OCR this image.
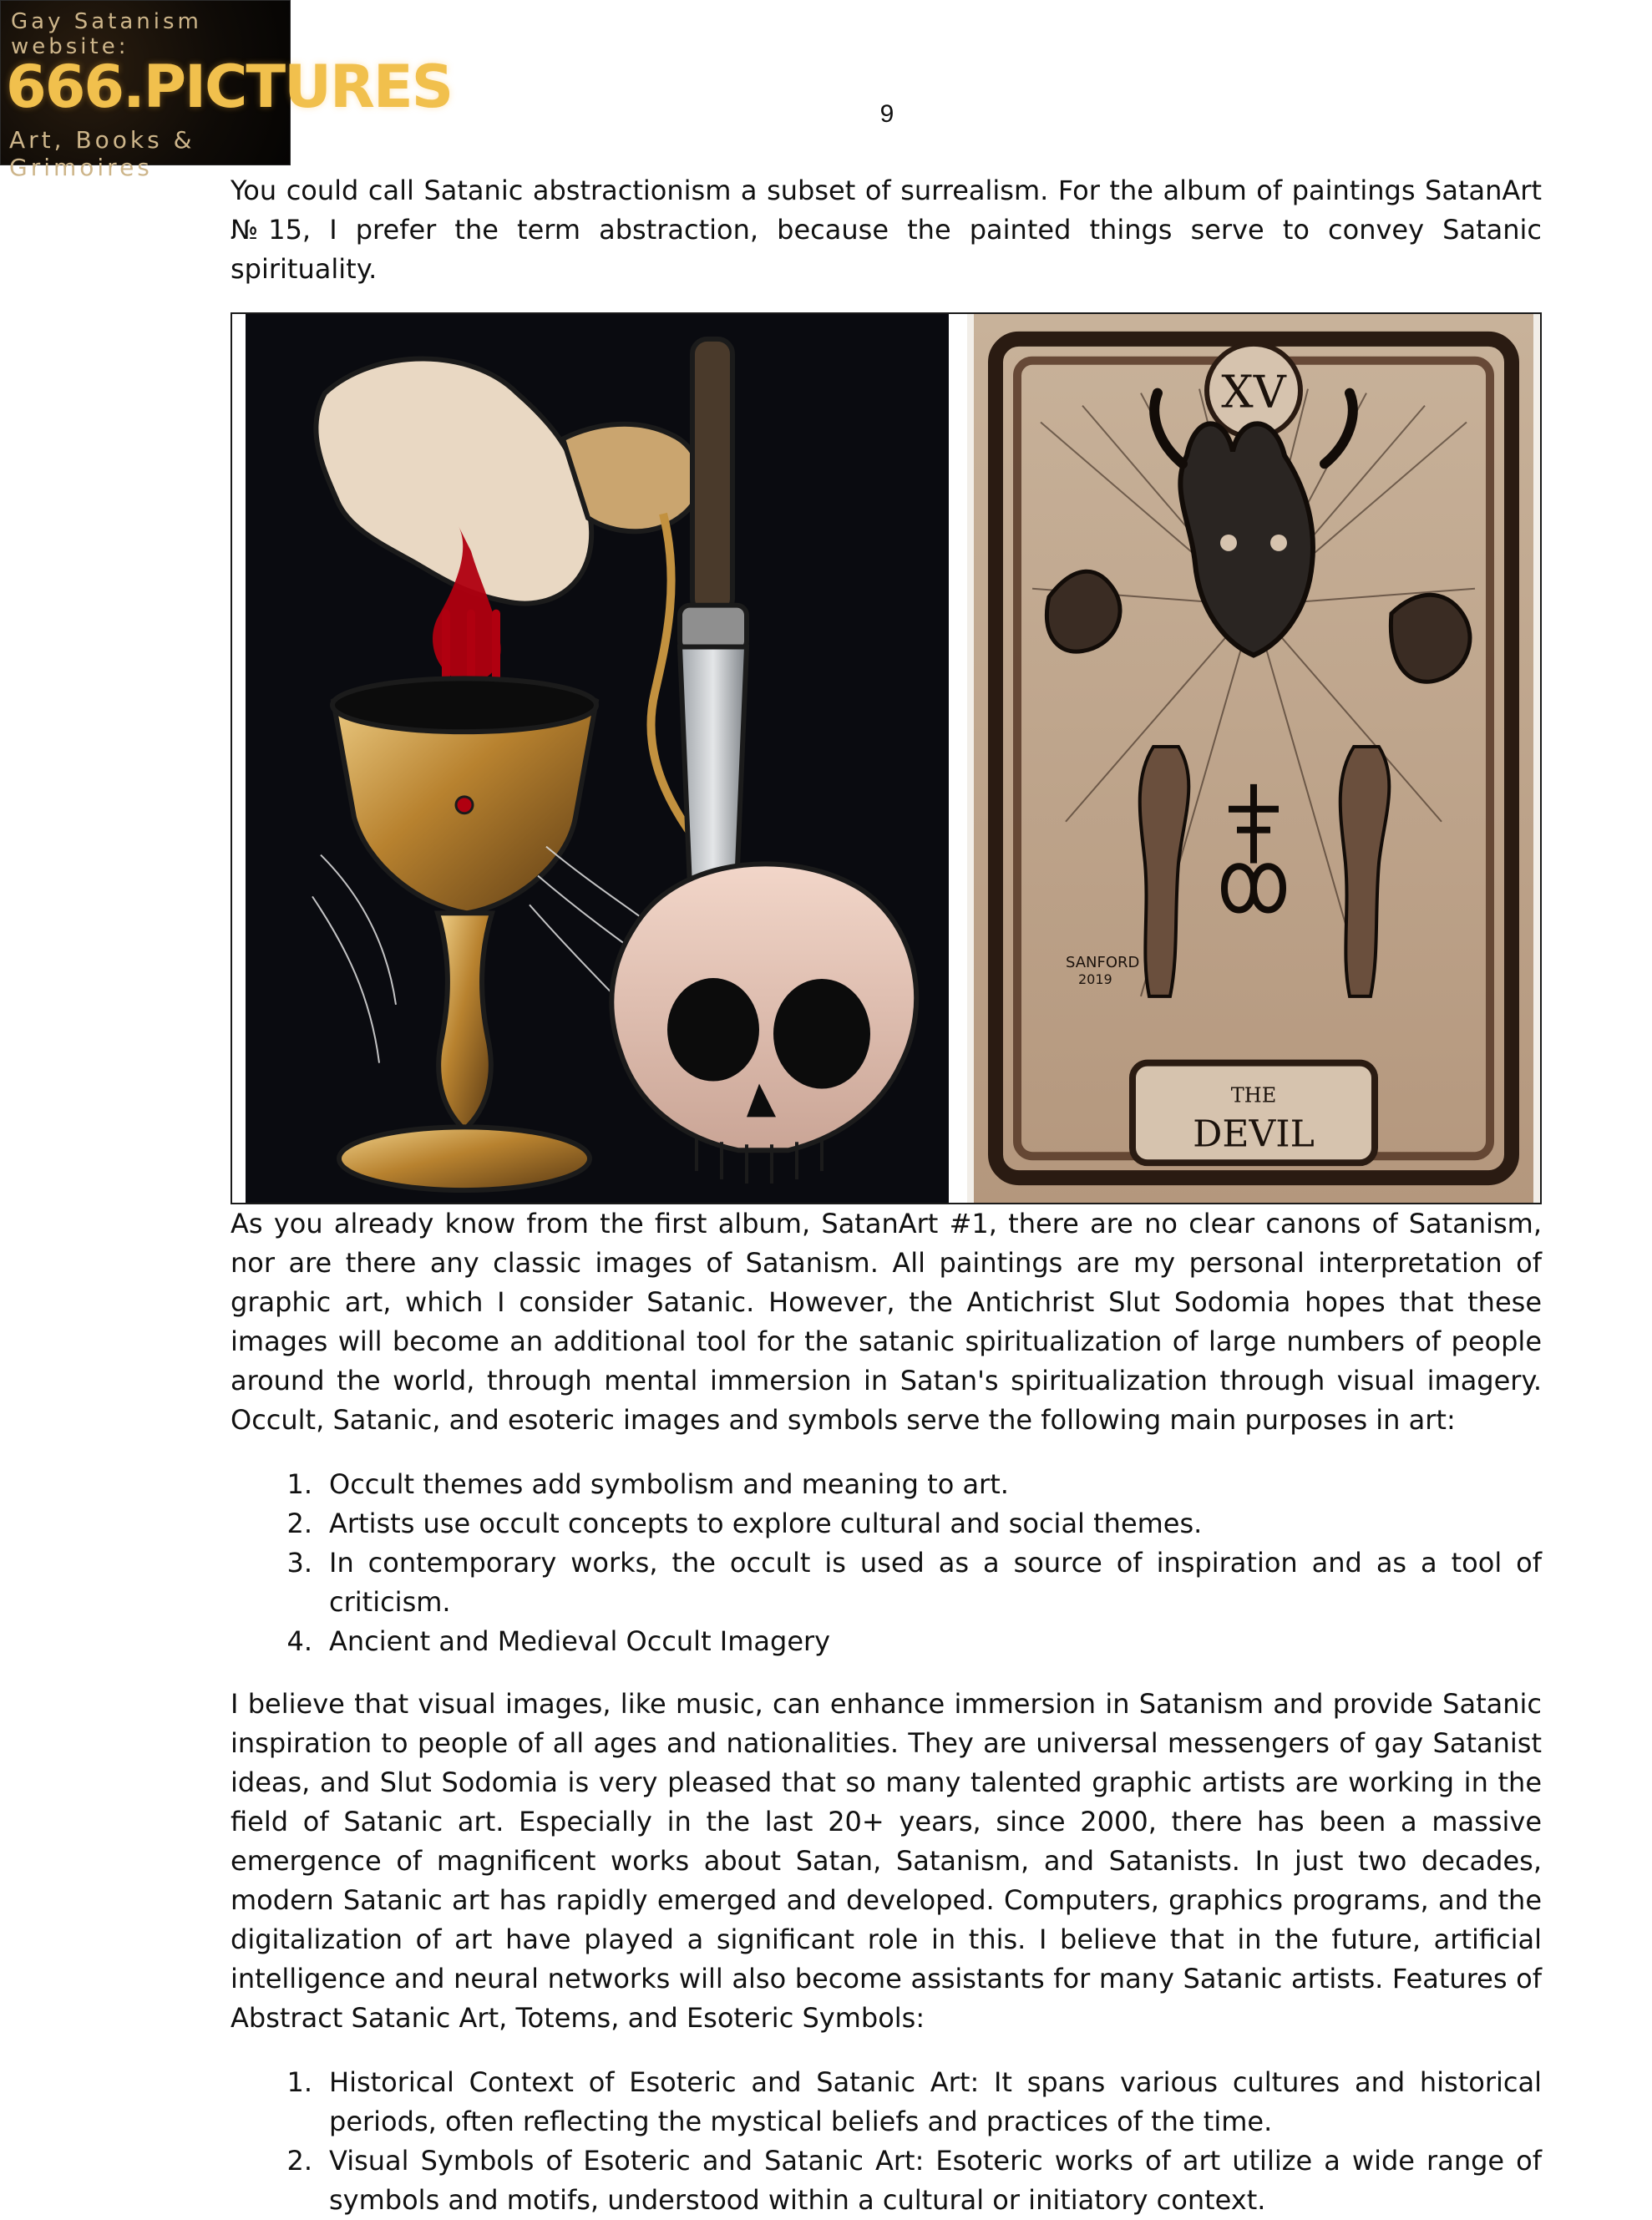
Gay Satanism website:
666.PICTURES
Art, Books & Grimoires
9

You could call Satanic abstractionism a subset of surrealism. For the album of paintings SatanArt №15, I prefer the term abstraction, because the painted things serve to convey Satanic spirituality.

XV
SANFORD
2019
THE
DEVIL

As you already know from the first album, SatanArt #1, there are no clear canons of Satanism, nor are there any classic images of Satanism. All paintings are my personal interpretation of graphic art, which I consider Satanic. However, the Antichrist Slut Sodomia hopes that these images will become an additional tool for the satanic spiritualization of large numbers of people around the world, through mental immersion in Satan's spiritualization through visual imagery. Occult, Satanic, and esoteric images and symbols serve the following main purposes in art:

1. Occult themes add symbolism and meaning to art.
2. Artists use occult concepts to explore cultural and social themes.
3. In contemporary works, the occult is used as a source of inspiration and as a tool of criticism.
4. Ancient and Medieval Occult Imagery

I believe that visual images, like music, can enhance immersion in Satanism and provide Satanic inspiration to people of all ages and nationalities. They are universal messengers of gay Satanist ideas, and Slut Sodomia is very pleased that so many talented graphic artists are working in the field of Satanic art. Especially in the last 20+ years, since 2000, there has been a massive emergence of magnificent works about Satan, Satanism, and Satanists. In just two decades, modern Satanic art has rapidly emerged and developed. Computers, graphics programs, and the digitalization of art have played a significant role in this. I believe that in the future, artificial intelligence and neural networks will also become assistants for many Satanic artists. Features of Abstract Satanic Art, Totems, and Esoteric Symbols:

1. Historical Context of Esoteric and Satanic Art: It spans various cultures and historical periods, often reflecting the mystical beliefs and practices of the time.
2. Visual Symbols of Esoteric and Satanic Art: Esoteric works of art utilize a wide range of symbols and motifs, understood within a cultural or initiatory context.
